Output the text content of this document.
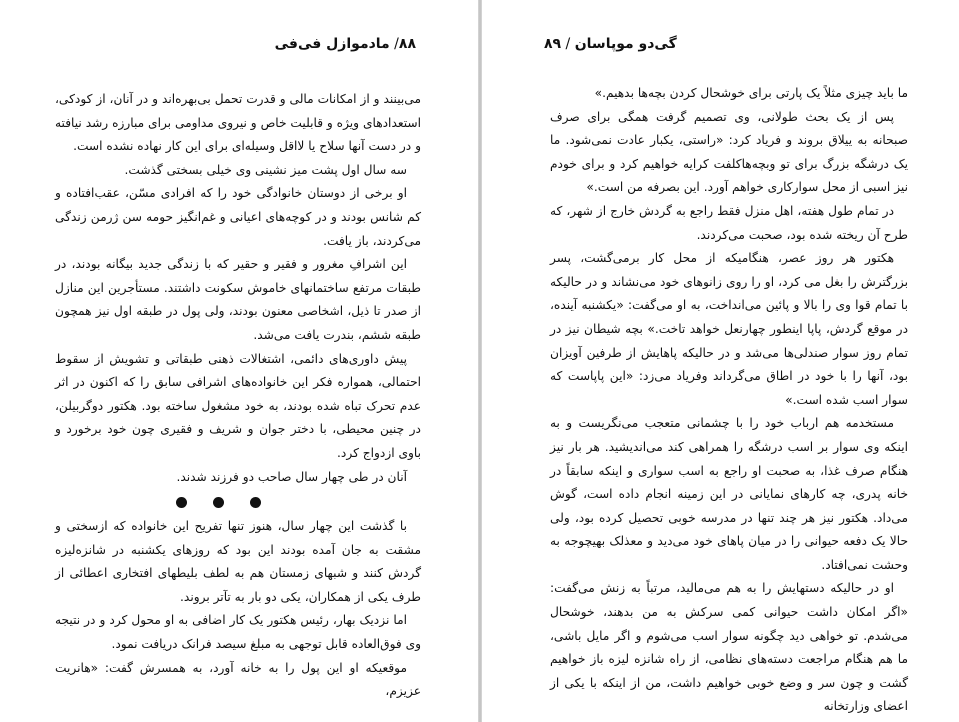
۸۸/ مادموازل فی‌فی

می‌بینند و از امکانات مالی و قدرت تحمل بی‌بهره‌اند و در آنان، از کودکی، استعدادهای ویژه و قابلیت خاص و نیروی مداومی برای مبارزه رشد نیافته و در دست آنها سلاح یا لااقل وسیله‌ای برای این کار نهاده نشده است.

سه سال اول پشت میز نشینی وی خیلی بسختی گذشت.

او برخی از دوستان خانوادگی خود را که افرادی مسّن، عقب‌افتاده و کم شانس بودند و در کوچه‌های اعیانی و غم‌انگیز حومه سن ژرمن زندگی می‌کردند، باز یافت.

این اشرافِ مغرور و فقیر و حقیر که با زندگی جدید بیگانه بودند، در طبقات مرتفع ساختمانهای خاموش سکونت داشتند. مستأجرین این منازل از صدر تا ذیل، اشخاصی معنون بودند، ولی پول در طبقه اول نیز همچون طبقه ششم، بندرت یافت می‌شد.

پیش داوری‌های دائمی، اشتغالات ذهنی طبقاتی و تشویش از سقوط احتمالی، همواره فکر این خانواده‌های اشرافی سابق را که اکنون در اثر عدم تحرک تباه شده بودند، به خود مشغول ساخته بود. هکتور دوگربیلن، در چنین محیطی، با دختر جوان و شریف و فقیری چون خود برخورد و باوی ازدواج کرد.

آنان در طی چهار سال صاحب دو فرزند شدند.

با گذشت این چهار سال، هنوز تنها تفریح این خانواده که ازسختی و مشقت به جان آمده بودند این بود که روزهای یکشنبه در شانزه‌لیزه گردش کنند و شبهای زمستان هم به لطف بلیطهای افتخاری اعطائی از طرف یکی از همکاران، یکی دو بار به تآتر بروند.

اما نزدیک بهار، رئیس هکتور یک کار اضافی به او محول کرد و در نتیجه وی فوق‌العاده قابل توجهی به مبلغ سیصد فرانک دریافت نمود.

موقعیکه او این پول را به خانه آورد، به همسرش گفت: «هانریت عزیزم،

گی‌دو موپاسان / ۸۹

ما باید چیزی مثلاً یک پارتی برای خوشحال کردن بچه‌ها بدهیم.»

پس از یک بحث طولانی، وی تصمیم گرفت همگی برای صرف صبحانه به ییلاق بروند و فریاد کرد: «راستی، یکبار عادت نمی‌شود. ما یک درشگه بزرگ برای تو وبچه‌هاکلفت کرایه خواهیم کرد و برای خودم نیز اسبی از محل سوارکاری خواهم آورد. این بصرفه من است.»

در تمام طول هفته، اهل منزل فقط راجع به گردش خارج از شهر، که طرح آن ریخته شده بود، صحبت می‌کردند.

هکتور هر روز عصر، هنگامیکه از محل کار برمی‌گشت، پسر بزرگترش را بغل می کرد، او را روی زانوهای خود می‌نشاند و در حالیکه با تمام قوا وی را بالا و پائین می‌انداخت، به او می‌گفت: «یکشنبه آینده، در موقع گردش، پاپا اینطور چهارنعل خواهد تاخت.» بچه شیطان نیز در تمام روز سوار صندلی‌ها می‌شد و در حالیکه پاهایش از طرفین آویزان بود، آنها را با خود در اطاق می‌گرداند وفریاد می‌زد: «این پاپاست که سوار اسب شده است.»

مستخدمه هم ارباب خود را با چشمانی متعجب می‌نگریست و به اینکه وی سوار بر اسب درشگه را همراهی کند می‌اندیشید. هر بار نیز هنگام صرف غذا، به صحبت او راجع به اسب سواری و اینکه سابقاً در خانه پدری، چه کارهای نمایانی در این زمینه انجام داده است، گوش می‌داد. هکتور نیز هر چند تنها در مدرسه خوبی تحصیل کرده بود، ولی حالا یک دفعه حیوانی را در میان پاهای خود می‌دید و معذلک بهیچوجه به وحشت نمی‌افتاد.

او در حالیکه دستهایش را به هم می‌مالید، مرتباً به زنش می‌گفت: «اگر امکان داشت حیوانی کمی سرکش به من بدهند، خوشحال می‌شدم. تو خواهی دید چگونه سوار اسب می‌شوم و اگر مایل باشی، ما هم هنگام مراجعت دسته‌های نظامی، از راه شانزه لیزه باز خواهیم گشت و چون سر و وضع خوبی خواهیم داشت، من از اینکه با یکی از اعضای وزارتخانه
